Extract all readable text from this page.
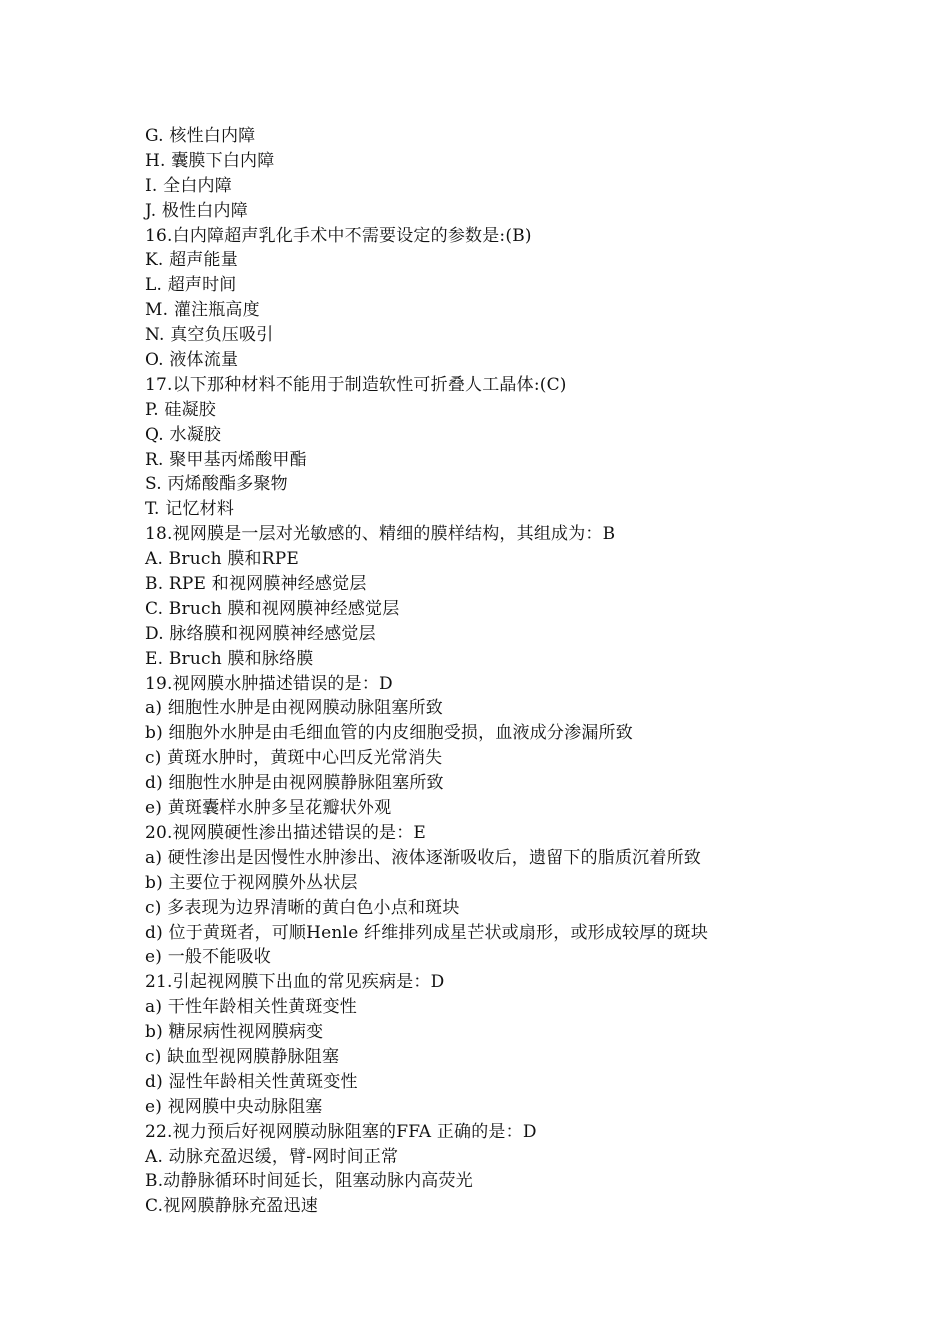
G. 核性白内障
H. 囊膜下白内障
I. 全白内障
J. 极性白内障
16.白内障超声乳化手术中不需要设定的参数是:(B)
K. 超声能量
L. 超声时间
M. 灌注瓶高度
N. 真空负压吸引
O. 液体流量
17.以下那种材料不能用于制造软性可折叠人工晶体:(C)
P. 硅凝胶
Q. 水凝胶
R. 聚甲基丙烯酸甲酯
S. 丙烯酸酯多聚物
T. 记忆材料
18.视网膜是一层对光敏感的、精细的膜样结构，其组成为：B
A. Bruch 膜和RPE
B. RPE 和视网膜神经感觉层
C. Bruch 膜和视网膜神经感觉层
D. 脉络膜和视网膜神经感觉层
E. Bruch 膜和脉络膜
19.视网膜水肿描述错误的是：D
a) 细胞性水肿是由视网膜动脉阻塞所致
b) 细胞外水肿是由毛细血管的内皮细胞受损，血液成分渗漏所致
c) 黄斑水肿时，黄斑中心凹反光常消失
d) 细胞性水肿是由视网膜静脉阻塞所致
e) 黄斑囊样水肿多呈花瓣状外观
20.视网膜硬性渗出描述错误的是：E
a) 硬性渗出是因慢性水肿渗出、液体逐渐吸收后，遗留下的脂质沉着所致
b) 主要位于视网膜外丛状层
c) 多表现为边界清晰的黄白色小点和斑块
d) 位于黄斑者，可顺Henle 纤维排列成星芒状或扇形，或形成较厚的斑块
e) 一般不能吸收
21.引起视网膜下出血的常见疾病是：D
a) 干性年龄相关性黄斑变性
b) 糖尿病性视网膜病变
c) 缺血型视网膜静脉阻塞
d) 湿性年龄相关性黄斑变性
e) 视网膜中央动脉阻塞
22.视力预后好视网膜动脉阻塞的FFA 正确的是：D
A. 动脉充盈迟缓，臂-网时间正常
B.动静脉循环时间延长，阻塞动脉内高荧光
C.视网膜静脉充盈迅速
